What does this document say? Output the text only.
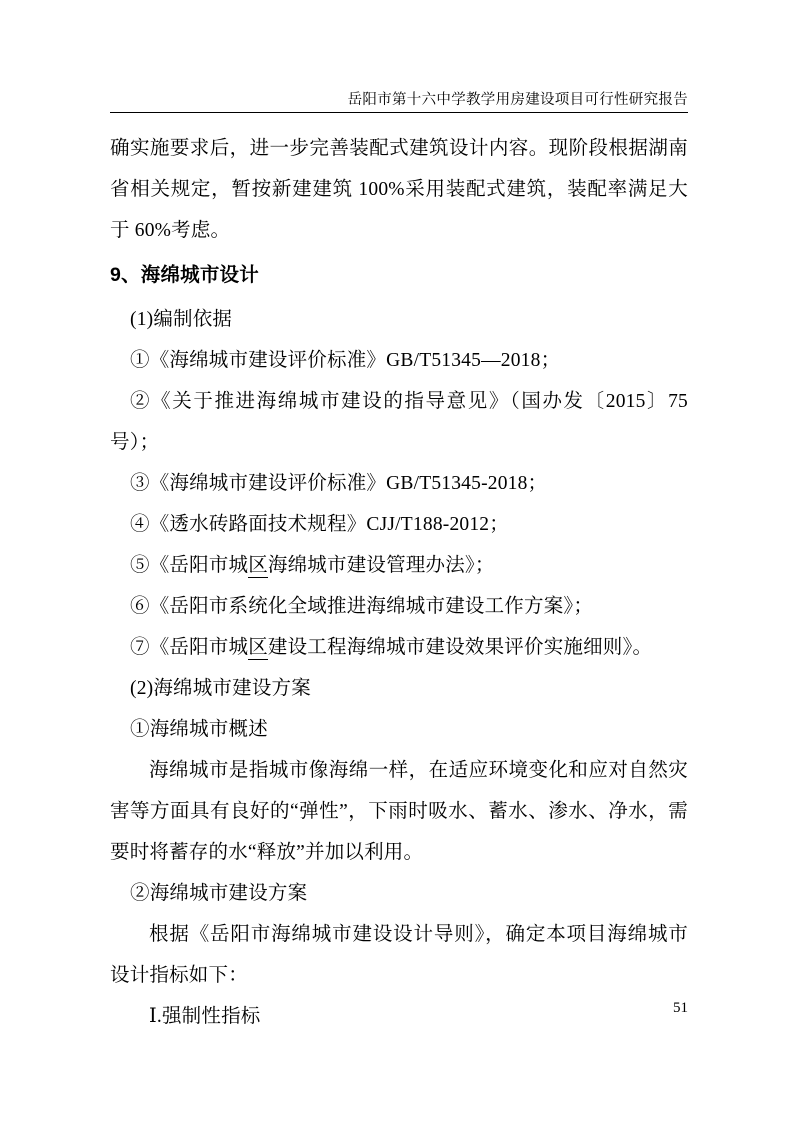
岳阳市第十六中学教学用房建设项目可行性研究报告

确实施要求后，进一步完善装配式建筑设计内容。现阶段根据湖南省相关规定，暂按新建建筑 100%采用装配式建筑，装配率满足大于 60%考虑。

9、海绵城市设计

(1)编制依据

①《海绵城市建设评价标准》GB/T51345—2018；

②《关于推进海绵城市建设的指导意见》（国办发〔2015〕75 号）；

③《海绵城市建设评价标准》GB/T51345-2018；

④《透水砖路面技术规程》CJJ/T188-2012；

⑤《岳阳市城区海绵城市建设管理办法》；

⑥《岳阳市系统化全域推进海绵城市建设工作方案》；

⑦《岳阳市城区建设工程海绵城市建设效果评价实施细则》。

(2)海绵城市建设方案

①海绵城市概述

海绵城市是指城市像海绵一样，在适应环境变化和应对自然灾害等方面具有良好的“弹性”，下雨时吸水、蓄水、渗水、净水，需要时将蓄存的水“释放”并加以利用。

②海绵城市建设方案

根据《岳阳市海绵城市建设设计导则》，确定本项目海绵城市设计指标如下：

Ⅰ.强制性指标	51
